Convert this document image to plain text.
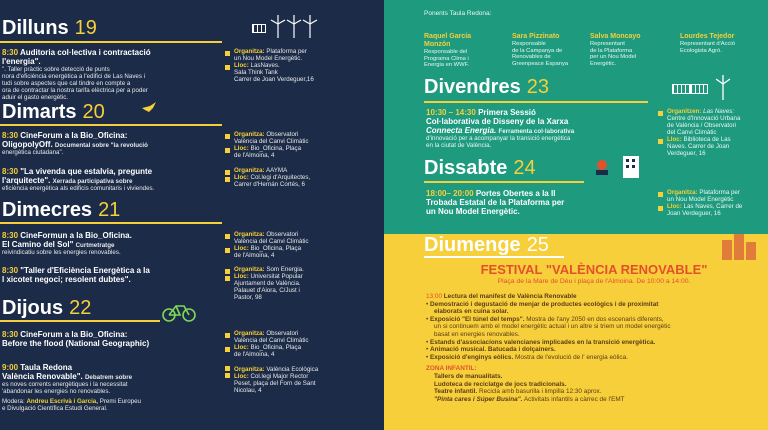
Dilluns 19
8:30 Auditoria col·lectiva i contractació
l'energia".
". Taller pràctic sobre detecció de punts
nora d'eficiència energètica a l'edifici de Las Naves i
tudi sobre aspectes que cal tindre en compte a
ora de contractar la nostra tarifa elèctrica per a poder
aduir el gasto energètic.
Organitza: Plataforma per
un Nou Model Energètic.
Lloc: LasNaves.
Sala Think Tank
Carrer de Joan Verdeguer,16
Dimarts 20
8:30 CineForum a la Bio_Oficina:
OligopolyOff. Documental sobre "la revolució
energètica ciutadana".
Organitza: Observatori
València del Canvi Climàtic
Lloc: Bio_Oficina, Plaça
de l'Almoina, 4
8:30 "La vivenda que estalvia, pregunte
l'arquitecte". Xerrada participativa sobre
eficiència energètica als edificis comunitaris i viviendes.
Organitza: AAYMA
Lloc: Col.legi d'Arquitectes,
Carrer d'Hernán Cortés, 6
Dimecres 21
8:30 CineFormun a la Bio_Oficina.
El Camino del Sol" Curtmetratge
reivindicatiu sobre les energies renovables.
Organitza: Observatori
València del Canvi Climàtic
Lloc: Bio_Oficina, Plaça
de l'Almoina, 4
8:30 "Taller d'Eficiència Energètica a la
l xicotet negoci; resolent dubtes".
Organitza: Som Energia.
Lloc: Universitat Popular
Ajuntament de València.
Palauet d'Aiora, C/Just i
Pastor, 98
Dijous 22
8:30 CineForum a la Bio_Oficina:
Before the flood (National Geographic)
Organitza: Observatori
València del Canvi Climàtic
Lloc: Bio_Oficina, Plaça
de l'Almoina, 4
9:00 Taula Redona
València Renovable". Debatrem sobre
es noves corrents energètiques i la necessitat
'abandonar les energies no renovables.
Modera: Andreu Escrivà i Garcia, Premi Europeu
e Divulgació Científica Estudi General.
Organitza: València Ecològica
Lloc: Col.legi Major Rector
Peset, plaça del Forn de Sant
Nicolau, 4
Ponents Taula Redona:
Raquel García
Monzón
Responsable del
Programa Clima i
Energia en WWF.
Sara Pizzinato
Responsable
de la Campanya de
Renovables de
Greenpeace Espanya
Salva Moncayo
Representant
de la Plataforma
per un Nou Model
Energètic.
Lourdes Tejedor
Representant d'Acció
Ecologista Agró.
Divendres 23
10:30 – 14:30 Primera Sessió
Col·laborativa de Disseny de la Xarxa
Connecta Energia. Ferramenta col·laborativa
d'innovació per a acompanyar la transició energètica
en la ciutat de València.
Organitzen: Las Naves:
Centre d'Innovació Urbana
de València / Observatori
del Canvi Climàtic
Lloc: Biblioteca de Las
Naves. Carrer de Joan
Verdeguer, 16
Dissabte 24
18:00– 20:00 Portes Obertes a la II
Trobada Estatal de la Plataforma per
un Nou Model Energètic.
Organitza: Plataforma per
un Nou Model Energètic
Lloc: Las Naves, Carrer de
Joan Verdeguer, 16
Diumenge 25
FESTIVAL "VALÈNCIA RENOVABLE"
Plaça de la Mare de Déu i plaça de l'Almoina. De 10:00 a 14:00.
13:00 Lectura del manifest de València Renovable
• Demostració i degustació de menjar de productes ecològics i de proximitat
elaborats en cuina solar.
• Exposició "El túnel del temps". Mostra de l'any 2050 en dos escenaris diferents,
un si continuem amb el model energètic actual i un altre si triem un model energètic
basat en energies renovables.
• Estands d'associacions valencianes implicades en la transició energètica.
• Animació musical. Batucada i dolçainers.
• Exposició d'enginys eòlics. Mostra de l'evolució de l' energia eòlica.
ZONA INFANTIL:
Tallers de manualitats.
Ludoteca de reciclatge de jocs tradicionals.
Teatre infantil. Recicla amb basurilla i limpilla 12:30 aprox.
"Pinta cares i Súper Busina". Activitats infantils a càrrec de l'EMT
